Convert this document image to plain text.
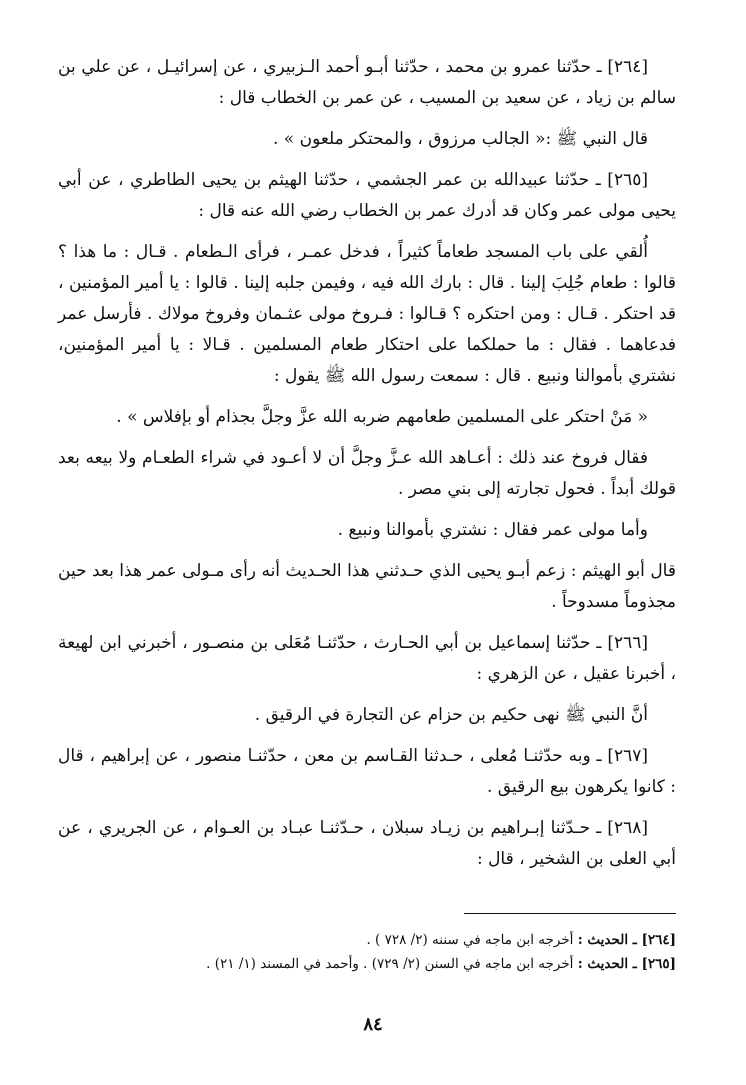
[٢٦٤] ـ حدّثنا عمرو بن محمد ، حدّثنا أبـو أحمد الـزبيري ، عن إسرائيـل ، عن علي بن سالم بن زياد ، عن سعيد بن المسيب ، عن عمر بن الخطاب قال :

قال النبي ﷺ :« الجالب مرزوق ، والمحتكر ملعون » .

[٢٦٥] ـ حدّثنا عبيدالله بن عمر الجشمي ، حدّثنا الهيثم بن يحيى الطاطري ، عن أبي يحيى مولى عمر وكان قد أدرك عمر بن الخطاب رضي الله عنه قال :

أُلقي على باب المسجد طعاماً كثيراً ، فدخل عمـر ، فرأى الـطعام . قـال : ما هذا ؟ قالوا : طعام جُلِبَ إلينا . قال : بارك الله فيه ، وفيمن جلبه إلينا . قالوا : يا أمير المؤمنين ، قد احتكر . قـال : ومن احتكره ؟ قـالوا : فـروخ مولى عثـمان وفروخ مولاك . فأرسل عمر فدعاهما . فقال : ما حملكما على احتكار طعام المسلمين . قـالا : يا أمير المؤمنين، نشتري بأموالنا ونبيع . قال : سمعت رسول الله ﷺ يقول :

« مَنْ احتكر على المسلمين طعامهم ضربه الله عزَّ وجلَّ بجذام أو بإفلاس » .

فقال فروخ عند ذلك : أعـاهد الله عـزَّ وجلَّ أن لا أعـود في شراء الطعـام ولا بيعه بعد قولك أبداً . فحول تجارته إلى بني مصر .

وأما مولى عمر فقال : نشتري بأموالنا ونبيع .

قال أبو الهيثم : زعم أبـو يحيى الذي حـدثني هذا الحـديث أنه رأى مـولى عمر هذا بعد حين مجذوماً مسدوحاً .

[٢٦٦] ـ حدّثنا إسماعيل بن أبي الحـارث ، حدّثنـا مُعَلى بن منصـور ، أخبرني ابن لهيعة ، أخبرنا عقيل ، عن الزهري :

أنَّ النبي ﷺ نهى حكيم بن حزام عن التجارة في الرقيق .

[٢٦٧] ـ وبه حدّثنـا مُعلى ، حـدثنا القـاسم بن معن ، حدّثنـا منصور ، عن إبراهيم ، قال : كانوا يكرهون بيع الرقيق .

[٢٦٨] ـ حـدّثنا إبـراهيم بن زيـاد سبلان ، حـدّثنـا عبـاد بن العـوام ، عن الجريري ، عن أبي العلى بن الشخير ، قال :

[٢٦٤] ـ الحديث : أخرجه ابن ماجه في سننه (٢/ ٧٢٨ ) .

[٢٦٥] ـ الحديث : أخرجه ابن ماجه في السنن (٢/ ٧٢٩) . وأحمد في المسند (١/ ٢١) .

٨٤
